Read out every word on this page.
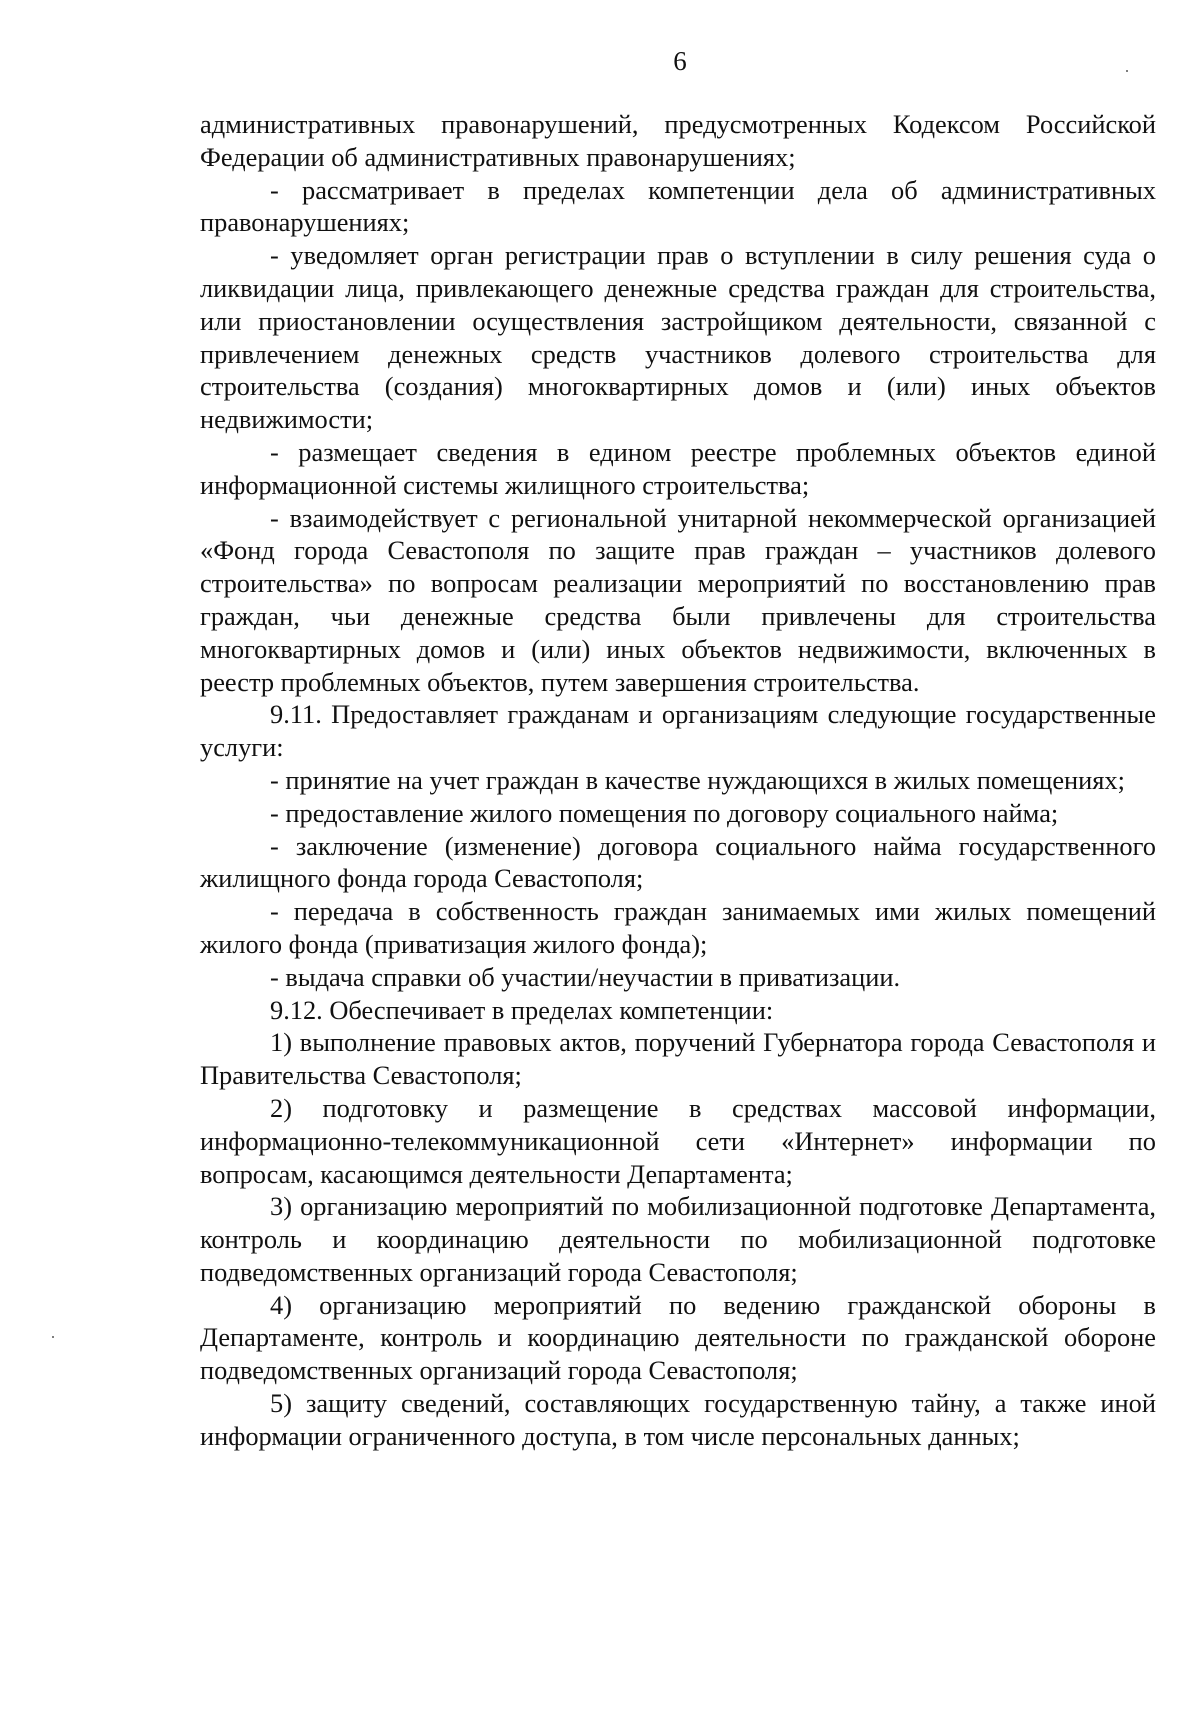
6

административных правонарушений, предусмотренных Кодексом Российской Федерации об административных правонарушениях;

- рассматривает в пределах компетенции дела об административных правонарушениях;

- уведомляет орган регистрации прав о вступлении в силу решения суда о ликвидации лица, привлекающего денежные средства граждан для строительства, или приостановлении осуществления застройщиком деятельности, связанной с привлечением денежных средств участников долевого строительства для строительства (создания) многоквартирных домов и (или) иных объектов недвижимости;

- размещает сведения в едином реестре проблемных объектов единой информационной системы жилищного строительства;

- взаимодействует с региональной унитарной некоммерческой организацией «Фонд города Севастополя по защите прав граждан – участников долевого строительства» по вопросам реализации мероприятий по восстановлению прав граждан, чьи денежные средства были привлечены для строительства многоквартирных домов и (или) иных объектов недвижимости, включенных в реестр проблемных объектов, путем завершения строительства.

9.11. Предоставляет гражданам и организациям следующие государственные услуги:

- принятие на учет граждан в качестве нуждающихся в жилых помещениях;

- предоставление жилого помещения по договору социального найма;

- заключение (изменение) договора социального найма государственного жилищного фонда города Севастополя;

- передача в собственность граждан занимаемых ими жилых помещений жилого фонда (приватизация жилого фонда);

- выдача справки об участии/неучастии в приватизации.

9.12. Обеспечивает в пределах компетенции:

1) выполнение правовых актов, поручений Губернатора города Севастополя и Правительства Севастополя;

2) подготовку и размещение в средствах массовой информации, информационно-телекоммуникационной сети «Интернет» информации по вопросам, касающимся деятельности Департамента;

3) организацию мероприятий по мобилизационной подготовке Департамента, контроль и координацию деятельности по мобилизационной подготовке подведомственных организаций города Севастополя;

4) организацию мероприятий по ведению гражданской обороны в Департаменте, контроль и координацию деятельности по гражданской обороне подведомственных организаций города Севастополя;

5) защиту сведений, составляющих государственную тайну, а также иной информации ограниченного доступа, в том числе персональных данных;
